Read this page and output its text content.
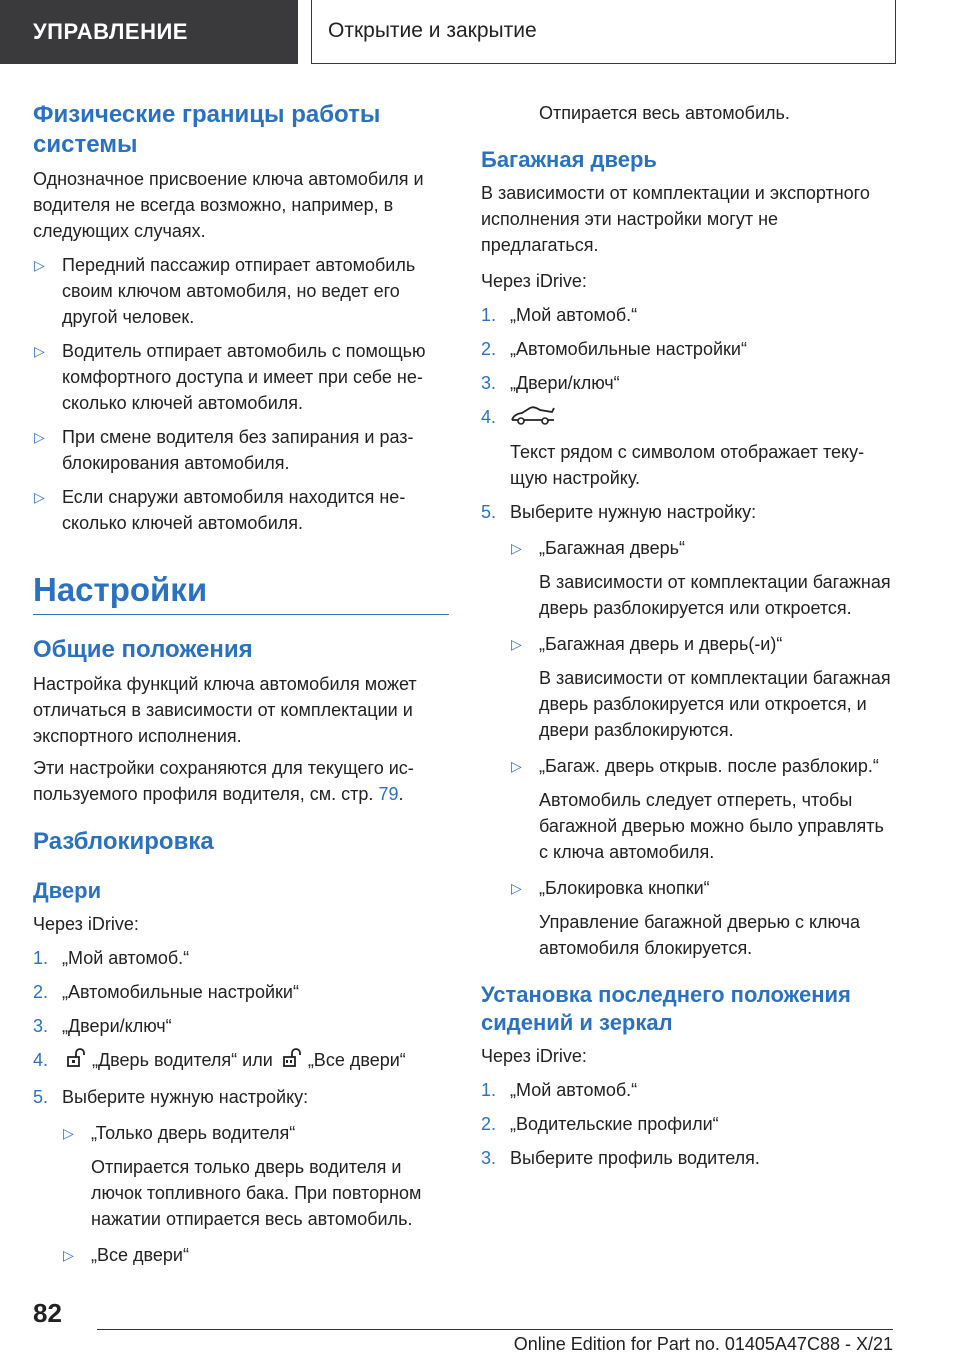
УПРАВЛЕНИЕ	Открытие и закрытие
Физические границы работы системы

Однозначное присвоение ключа автомобиля и водителя не всегда возможно, например, в следующих случаях.

▷ Передний пассажир отпирает автомобиль своим ключом автомобиля, но ведет его другой человек.
▷ Водитель отпирает автомобиль с помощью комфортного доступа и имеет при себе несколько ключей автомобиля.
▷ При смене водителя без запирания и разблокирования автомобиля.
▷ Если снаружи автомобиля находится несколько ключей автомобиля.
Настройки
Общие положения

Настройка функций ключа автомобиля может отличаться в зависимости от комплектации и экспортного исполнения.

Эти настройки сохраняются для текущего используемого профиля водителя, см. стр. 79.

Разблокировка
Двери

Через iDrive:

1. „Мой автомоб.“
2. „Автомобильные настройки“
3. „Двери/ключ“
4. „Дверь водителя“ или „Все двери“
5. Выберите нужную настройку:
▷ „Только дверь водителя“

Отпирается только дверь водителя и лючок топливного бака. При повторном нажатии отпирается весь автомобиль.

▷ „Все двери“

Отпирается весь автомобиль.

Багажная дверь

В зависимости от комплектации и экспортного исполнения эти настройки могут не предлагаться.

Через iDrive:

1. „Мой автомоб.“
2. „Автомобильные настройки“
3. „Двери/ключ“
4.

Текст рядом с символом отображает текущую настройку.

5. Выберите нужную настройку:
▷ „Багажная дверь“

В зависимости от комплектации багажная дверь разблокируется или откроется.

▷ „Багажная дверь и дверь(-и)“

В зависимости от комплектации багажная дверь разблокируется или откроется, и двери разблокируются.

▷ „Багаж. дверь открыв. после разблокир.“

Автомобиль следует отпереть, чтобы багажной дверью можно было управлять с ключа автомобиля.

▷ „Блокировка кнопки“

Управление багажной дверью с ключа автомобиля блокируется.

Установка последнего положения сидений и зеркал

Через iDrive:

1. „Мой автомоб.“
2. „Водительские профили“
3. Выберите профиль водителя.
82
Online Edition for Part no. 01405A47C88 - X/21
